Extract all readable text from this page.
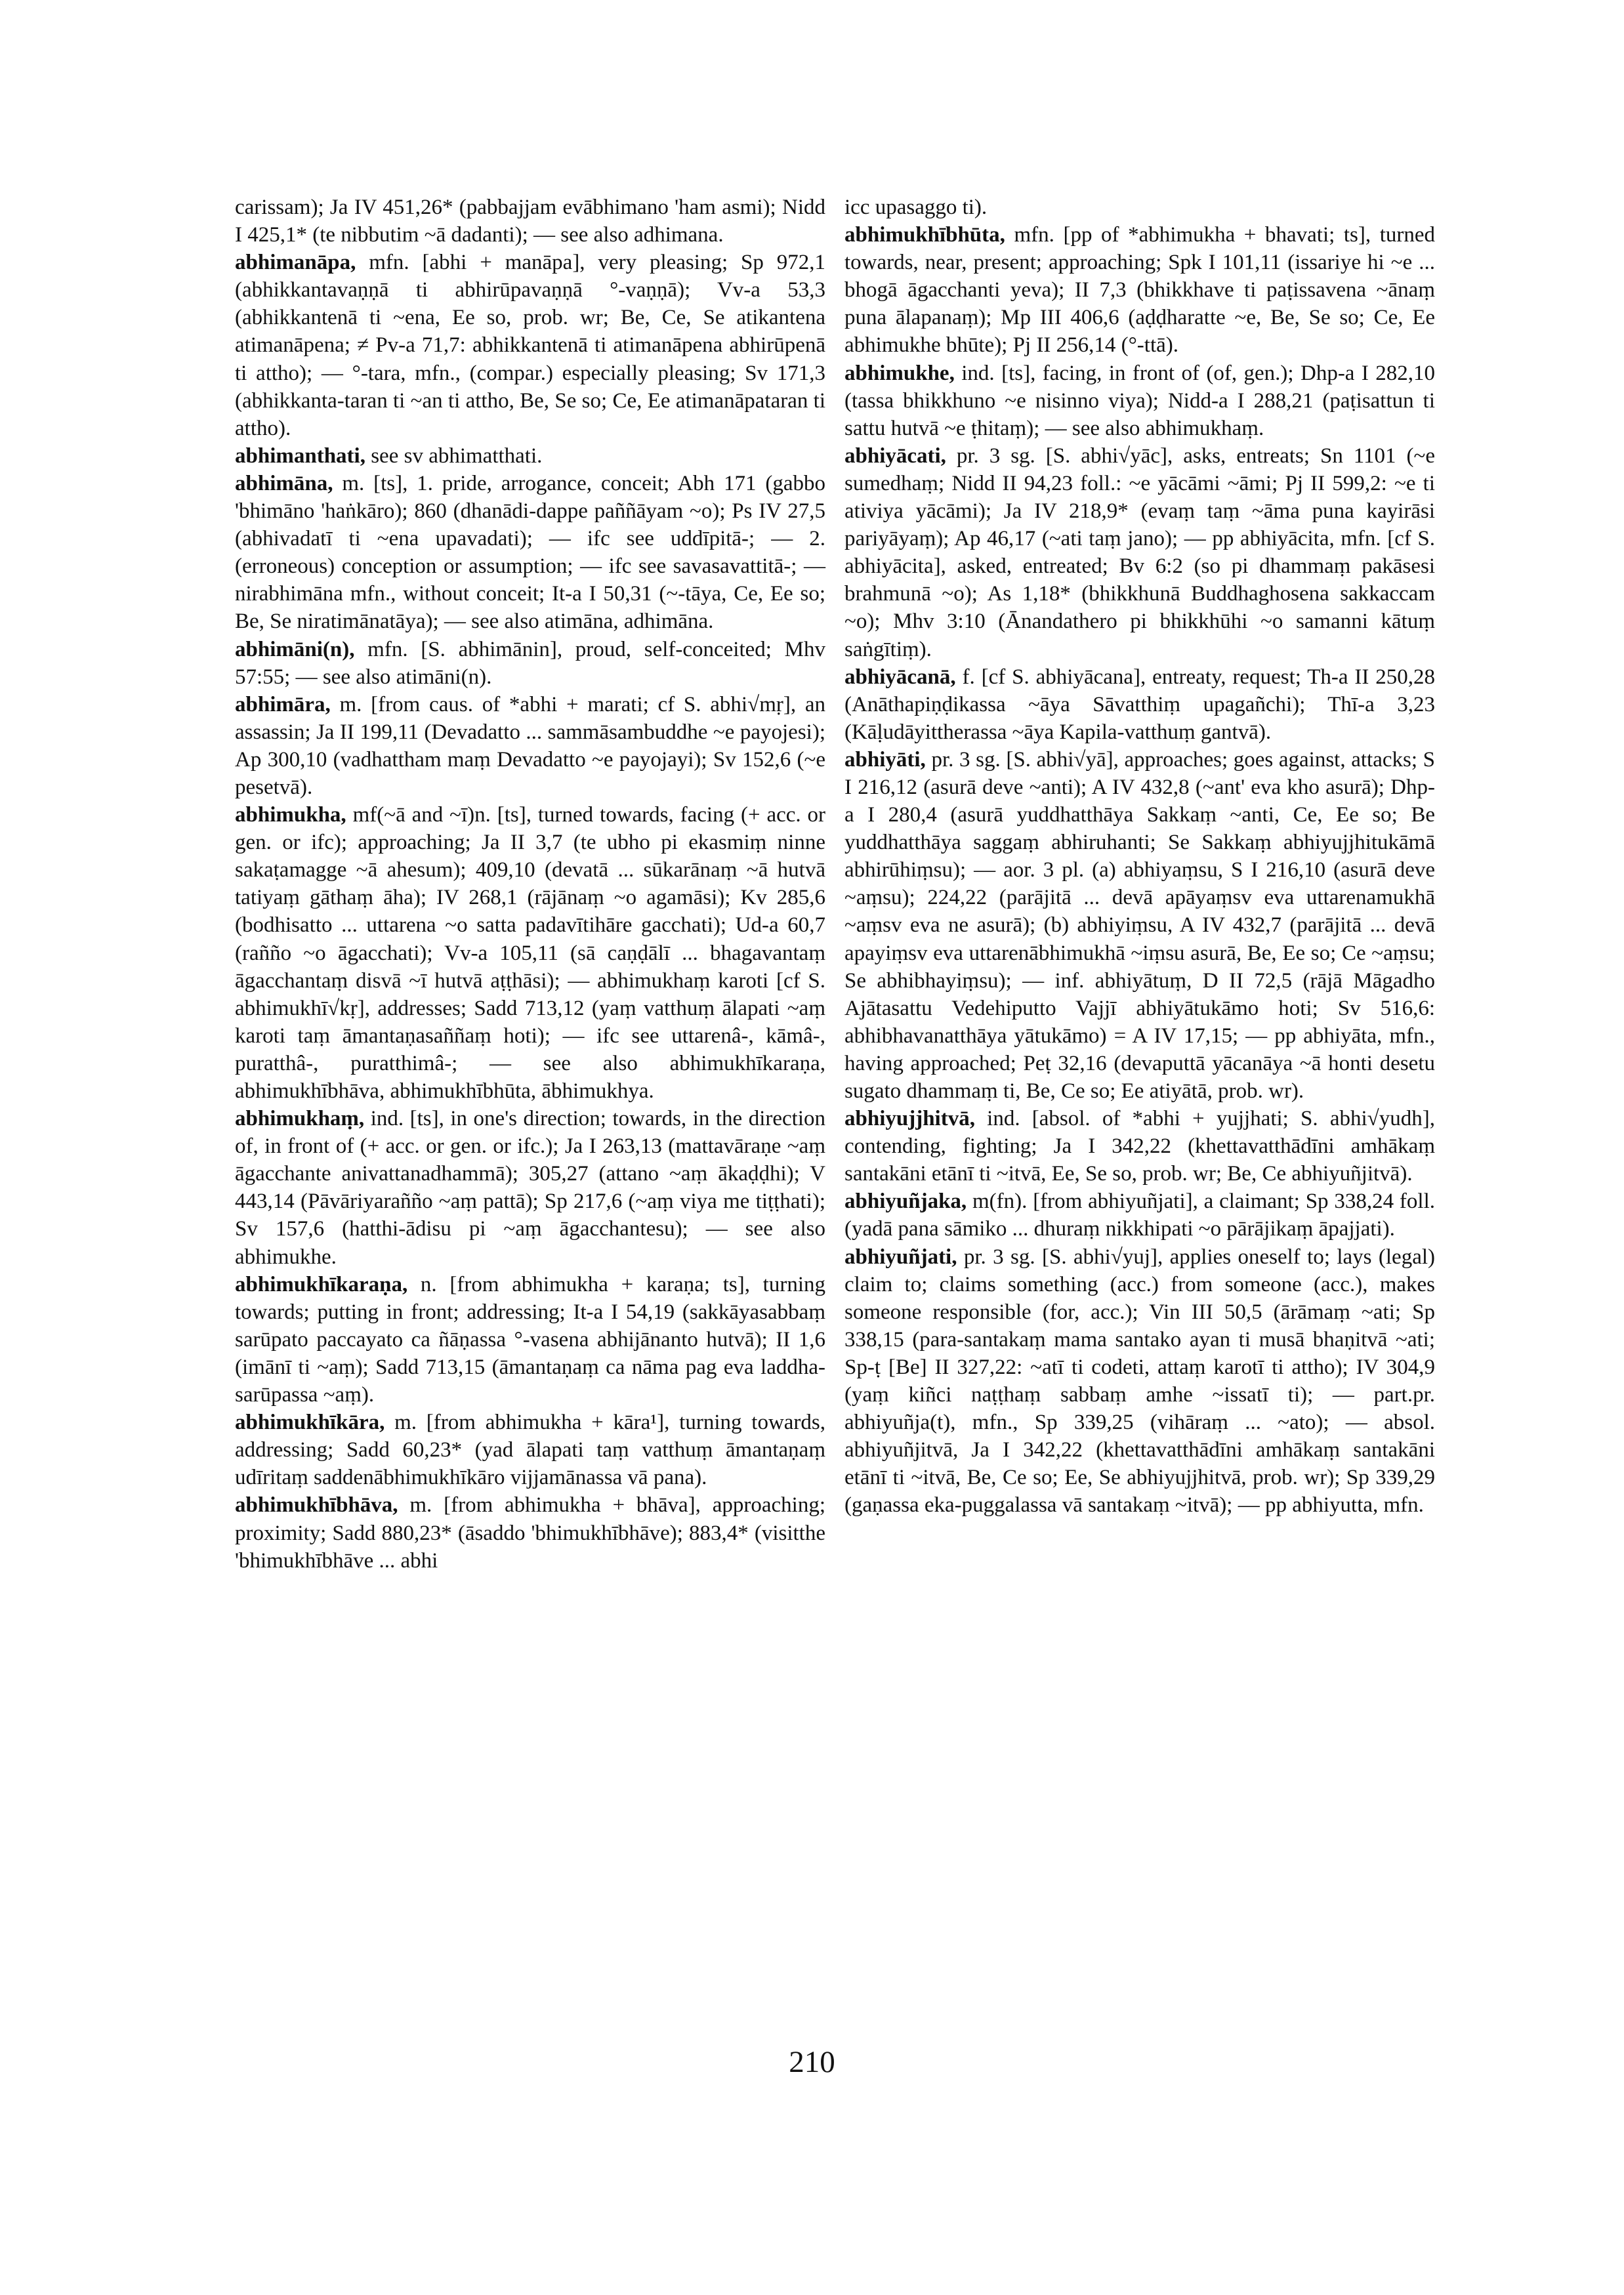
carissam); Ja IV 451,26* (pabbajjam evābhimano 'ham asmi); Nidd I 425,1* (te nibbutim ~ā dadanti); — see also adhimana.

abhimanāpa, mfn. [abhi + manāpa], very pleasing; Sp 972,1 (abhikkantavaṇṇā ti abhirūpavaṇṇā °-vaṇṇā); Vv-a 53,3 (abhikkantenā ti ~ena, Ee so, prob. wr; Be, Ce, Se atikantena atimanāpena; ≠ Pv-a 71,7: abhikkantenā ti atimanāpena abhirūpenā ti attho); — °-tara, mfn., (compar.) especially pleasing; Sv 171,3 (abhikkanta-taran ti ~an ti attho, Be, Se so; Ce, Ee atimanāpataran ti attho).

abhimanthati, see sv abhimatthati.

abhimāna, m. [ts], 1. pride, arrogance, conceit; Abh 171 (gabbo 'bhimāno 'haṅkāro); 860 (dhanādi-dappe paññāyam ~o); Ps IV 27,5 (abhivadatī ti ~ena upavadati); — ifc see uddīpitā-; — 2. (erroneous) conception or assumption; — ifc see savasavattitā-; — nirabhimāna mfn., without conceit; It-a I 50,31 (~-tāya, Ce, Ee so; Be, Se niratimānatāya); — see also atimāna, adhimāna.

abhimāni(n), mfn. [S. abhimānin], proud, self-conceited; Mhv 57:55; — see also atimāni(n).

abhimāra, m. [from caus. of *abhi + marati; cf S. abhi√mṛ], an assassin; Ja II 199,11 (Devadatto ... sammāsambuddhe ~e payojesi); Ap 300,10 (vadhattham maṃ Devadatto ~e payojayi); Sv 152,6 (~e pesetvā).

abhimukha, mf(~ā and ~ī)n. [ts], turned towards, facing (+ acc. or gen. or ifc); approaching; Ja II 3,7 (te ubho pi ekasmiṃ ninne sakaṭamagge ~ā ahesum); 409,10 (devatā ... sūkarānaṃ ~ā hutvā tatiyaṃ gāthaṃ āha); IV 268,1 (rājānaṃ ~o agamāsi); Kv 285,6 (bodhisatto ... uttarena ~o satta padavītihāre gacchati); Ud-a 60,7 (rañño ~o āgacchati); Vv-a 105,11 (sā caṇḍālī ... bhagavantaṃ āgacchantaṃ disvā ~ī hutvā aṭṭhāsi); — abhimukhaṃ karoti [cf S. abhimukhī√kṛ], addresses; Sadd 713,12 (yaṃ vatthuṃ ālapati ~aṃ karoti taṃ āmantaṇasaññaṃ hoti); — ifc see uttarenâ-, kāmâ-, puratthâ-, puratthimâ-; — see also abhimukhīkaraṇa, abhimukhībhāva, abhimukhībhūta, ābhimukhya.

abhimukhaṃ, ind. [ts], in one's direction; towards, in the direction of, in front of (+ acc. or gen. or ifc.); Ja I 263,13 (mattavāraṇe ~aṃ āgacchante anivattanadhammā); 305,27 (attano ~aṃ ākaḍḍhi); V 443,14 (Pāvāriyarañño ~aṃ pattā); Sp 217,6 (~aṃ viya me tiṭṭhati); Sv 157,6 (hatthi-ādisu pi ~aṃ āgacchantesu); — see also abhimukhe.

abhimukhīkaraṇa, n. [from abhimukha + karaṇa; ts], turning towards; putting in front; addressing; It-a I 54,19 (sakkāyasabbaṃ sarūpato paccayato ca ñāṇassa °-vasena abhijānanto hutvā); II 1,6 (imānī ti ~aṃ); Sadd 713,15 (āmantaṇaṃ ca nāma pag eva laddha-sarūpassa ~aṃ).

abhimukhīkāra, m. [from abhimukha + kāra¹], turning towards, addressing; Sadd 60,23* (yad ālapati taṃ vatthuṃ āmantaṇaṃ udīritaṃ saddenābhimukhīkāro vijjamānassa vā pana).

abhimukhībhāva, m. [from abhimukha + bhāva], approaching; proximity; Sadd 880,23* (āsaddo 'bhimukhībhāve); 883,4* (visitthe 'bhimukhībhāve ... abhi

icc upasaggo ti).

abhimukhībhūta, mfn. [pp of *abhimukha + bhavati; ts], turned towards, near, present; approaching; Spk I 101,11 (issariye hi ~e ... bhogā āgacchanti yeva); II 7,3 (bhikkhave ti paṭissavena ~ānaṃ puna ālapanaṃ); Mp III 406,6 (aḍḍharatte ~e, Be, Se so; Ce, Ee abhimukhe bhūte); Pj II 256,14 (°-ttā).

abhimukhe, ind. [ts], facing, in front of (of, gen.); Dhp-a I 282,10 (tassa bhikkhuno ~e nisinno viya); Nidd-a I 288,21 (paṭisattun ti sattu hutvā ~e ṭhitaṃ); — see also abhimukhaṃ.

abhiyācati, pr. 3 sg. [S. abhi√yāc], asks, entreats; Sn 1101 (~e sumedhaṃ; Nidd II 94,23 foll.: ~e yācāmi ~āmi; Pj II 599,2: ~e ti ativiya yācāmi); Ja IV 218,9* (evaṃ taṃ ~āma puna kayirāsi pariyāyaṃ); Ap 46,17 (~ati taṃ jano); — pp abhiyācita, mfn. [cf S. abhiyācita], asked, entreated; Bv 6:2 (so pi dhammaṃ pakāsesi brahmunā ~o); As 1,18* (bhikkhunā Buddhaghosena sakkaccam ~o); Mhv 3:10 (Ānandathero pi bhikkhūhi ~o samanni kātuṃ saṅgītiṃ).

abhiyācanā, f. [cf S. abhiyācana], entreaty, request; Th-a II 250,28 (Anāthapiṇḍikassa ~āya Sāvatthiṃ upagañchi); Thī-a 3,23 (Kāḷudāyittherassa ~āya Kapila-vatthuṃ gantvā).

abhiyāti, pr. 3 sg. [S. abhi√yā], approaches; goes against, attacks; S I 216,12 (asurā deve ~anti); A IV 432,8 (~ant' eva kho asurā); Dhp-a I 280,4 (asurā yuddhatthāya Sakkaṃ ~anti, Ce, Ee so; Be yuddhatthāya saggaṃ abhiruhanti; Se Sakkaṃ abhiyujjhitukāmā abhirūhiṃsu); — aor. 3 pl. (a) abhiyaṃsu, S I 216,10 (asurā deve ~aṃsu); 224,22 (parājitā ... devā apāyaṃsv eva uttarenamukhā ~aṃsv eva ne asurā); (b) abhiyiṃsu, A IV 432,7 (parājitā ... devā apayiṃsv eva uttarenābhimukhā ~iṃsu asurā, Be, Ee so; Ce ~aṃsu; Se abhibhayiṃsu); — inf. abhiyātuṃ, D II 72,5 (rājā Māgadho Ajātasattu Vedehiputto Vajjī abhiyātukāmo hoti; Sv 516,6: abhibhavanatthāya yātukāmo) = A IV 17,15; — pp abhiyāta, mfn., having approached; Peṭ 32,16 (devaputtā yācanāya ~ā honti desetu sugato dhammaṃ ti, Be, Ce so; Ee atiyātā, prob. wr).

abhiyujjhitvā, ind. [absol. of *abhi + yujjhati; S. abhi√yudh], contending, fighting; Ja I 342,22 (khettavatthādīni amhākaṃ santakāni etānī ti ~itvā, Ee, Se so, prob. wr; Be, Ce abhiyuñjitvā).

abhiyuñjaka, m(fn). [from abhiyuñjati], a claimant; Sp 338,24 foll. (yadā pana sāmiko ... dhuraṃ nikkhipati ~o pārājikaṃ āpajjati).

abhiyuñjati, pr. 3 sg. [S. abhi√yuj], applies oneself to; lays (legal) claim to; claims something (acc.) from someone (acc.), makes someone responsible (for, acc.); Vin III 50,5 (ārāmaṃ ~ati; Sp 338,15 (para-santakaṃ mama santako ayan ti musā bhaṇitvā ~ati; Sp-ṭ [Be] II 327,22: ~atī ti codeti, attaṃ karotī ti attho); IV 304,9 (yaṃ kiñci naṭṭhaṃ sabbaṃ amhe ~issatī ti); — part.pr. abhiyuñja(t), mfn., Sp 339,25 (vihāraṃ ... ~ato); — absol. abhiyuñjitvā, Ja I 342,22 (khettavatthādīni amhākaṃ santakāni etānī ti ~itvā, Be, Ce so; Ee, Se abhiyujjhitvā, prob. wr); Sp 339,29 (gaṇassa eka-puggalassa vā santakaṃ ~itvā); — pp abhiyutta, mfn.

210
